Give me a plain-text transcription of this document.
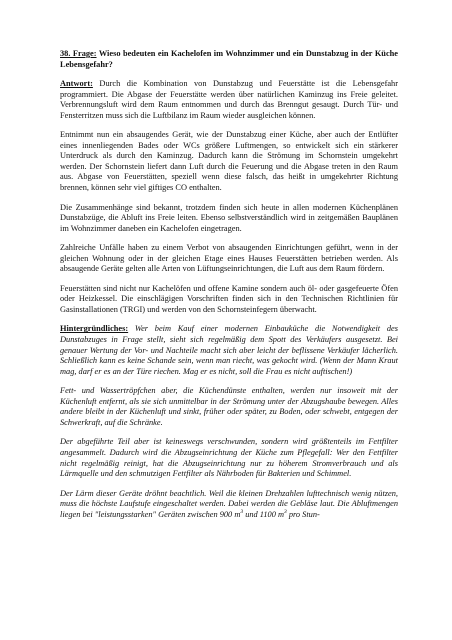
38. Frage: Wieso bedeuten ein Kachelofen im Wohnzimmer und ein Dunstabzug in der Küche Lebensgefahr?

Antwort: Durch die Kombination von Dunstabzug und Feuerstätte ist die Lebensgefahr programmiert. Die Abgase der Feuerstätte werden über natürlichen Kaminzug ins Freie geleitet. Verbrennungsluft wird dem Raum entnommen und durch das Brenngut gesaugt. Durch Tür- und Fensterritzen muss sich die Luftbilanz im Raum wieder ausgleichen können.

Entnimmt nun ein absaugendes Gerät, wie der Dunstabzug einer Küche, aber auch der Entlüfter eines innenliegenden Bades oder WCs größere Luftmengen, so entwickelt sich ein stärkerer Unterdruck als durch den Kaminzug. Dadurch kann die Strömung im Schornstein umgekehrt werden. Der Schornstein liefert dann Luft durch die Feuerung und die Abgase treten in den Raum aus. Abgase von Feuerstätten, speziell wenn diese falsch, das heißt in umgekehrter Richtung brennen, können sehr viel giftiges CO enthalten.

Die Zusammenhänge sind bekannt, trotzdem finden sich heute in allen modernen Küchenplänen Dunstabzüge, die Abluft ins Freie leiten. Ebenso selbstverständlich wird in zeitgemäßen Bauplänen im Wohnzimmer daneben ein Kachelofen eingetragen.

Zahlreiche Unfälle haben zu einem Verbot von absaugenden Einrichtungen geführt, wenn in der gleichen Wohnung oder in der gleichen Etage eines Hauses Feuerstätten betrieben werden. Als absaugende Geräte gelten alle Arten von Lüftungseinrichtungen, die Luft aus dem Raum fördern.

Feuerstätten sind nicht nur Kachelöfen und offene Kamine sondern auch öl- oder gasgefeuerte Öfen oder Heizkessel. Die einschlägigen Vorschriften finden sich in den Technischen Richtlinien für Gasinstallationen (TRGI) und werden von den Schornsteinfegern überwacht.

Hintergründliches: Wer beim Kauf einer modernen Einbauküche die Notwendigkeit des Dunstabzuges in Frage stellt, sieht sich regelmäßig dem Spott des Verkäufers ausgesetzt. Bei genauer Wertung der Vor- und Nachteile macht sich aber leicht der beflissene Verkäufer lächerlich. Schließlich kann es keine Schande sein, wenn man riecht, was gekocht wird. (Wenn der Mann Kraut mag, darf er es an der Türe riechen. Mag er es nicht, soll die Frau es nicht auftischen!)

Fett- und Wassertröpfchen aber, die Küchendünste enthalten, werden nur insoweit mit der Küchenluft entfernt, als sie sich unmittelbar in der Strömung unter der Abzugshaube bewegen. Alles andere bleibt in der Küchenluft und sinkt, früher oder später, zu Boden, oder schwebt, entgegen der Schwerkraft, auf die Schränke.

Der abgeführte Teil aber ist keineswegs verschwunden, sondern wird größtenteils im Fettfilter angesammelt. Dadurch wird die Abzugseinrichtung der Küche zum Pflegefall: Wer den Fettfilter nicht regelmäßig reinigt, hat die Abzugseinrichtung nur zu höherem Stromverbrauch und als Lärmquelle und den schmutzigen Fettfilter als Nährboden für Bakterien und Schimmel.

Der Lärm dieser Geräte dröhnt beachtlich. Weil die kleinen Drehzahlen lufttechnisch wenig nützen, muss die höchste Laufstufe eingeschaltet werden. Dabei werden die Gebläse laut. Die Abluftmengen liegen bei "leistungsstarken" Geräten zwischen 900 $m^3$ und 1100 $m^3$ pro Stun-
